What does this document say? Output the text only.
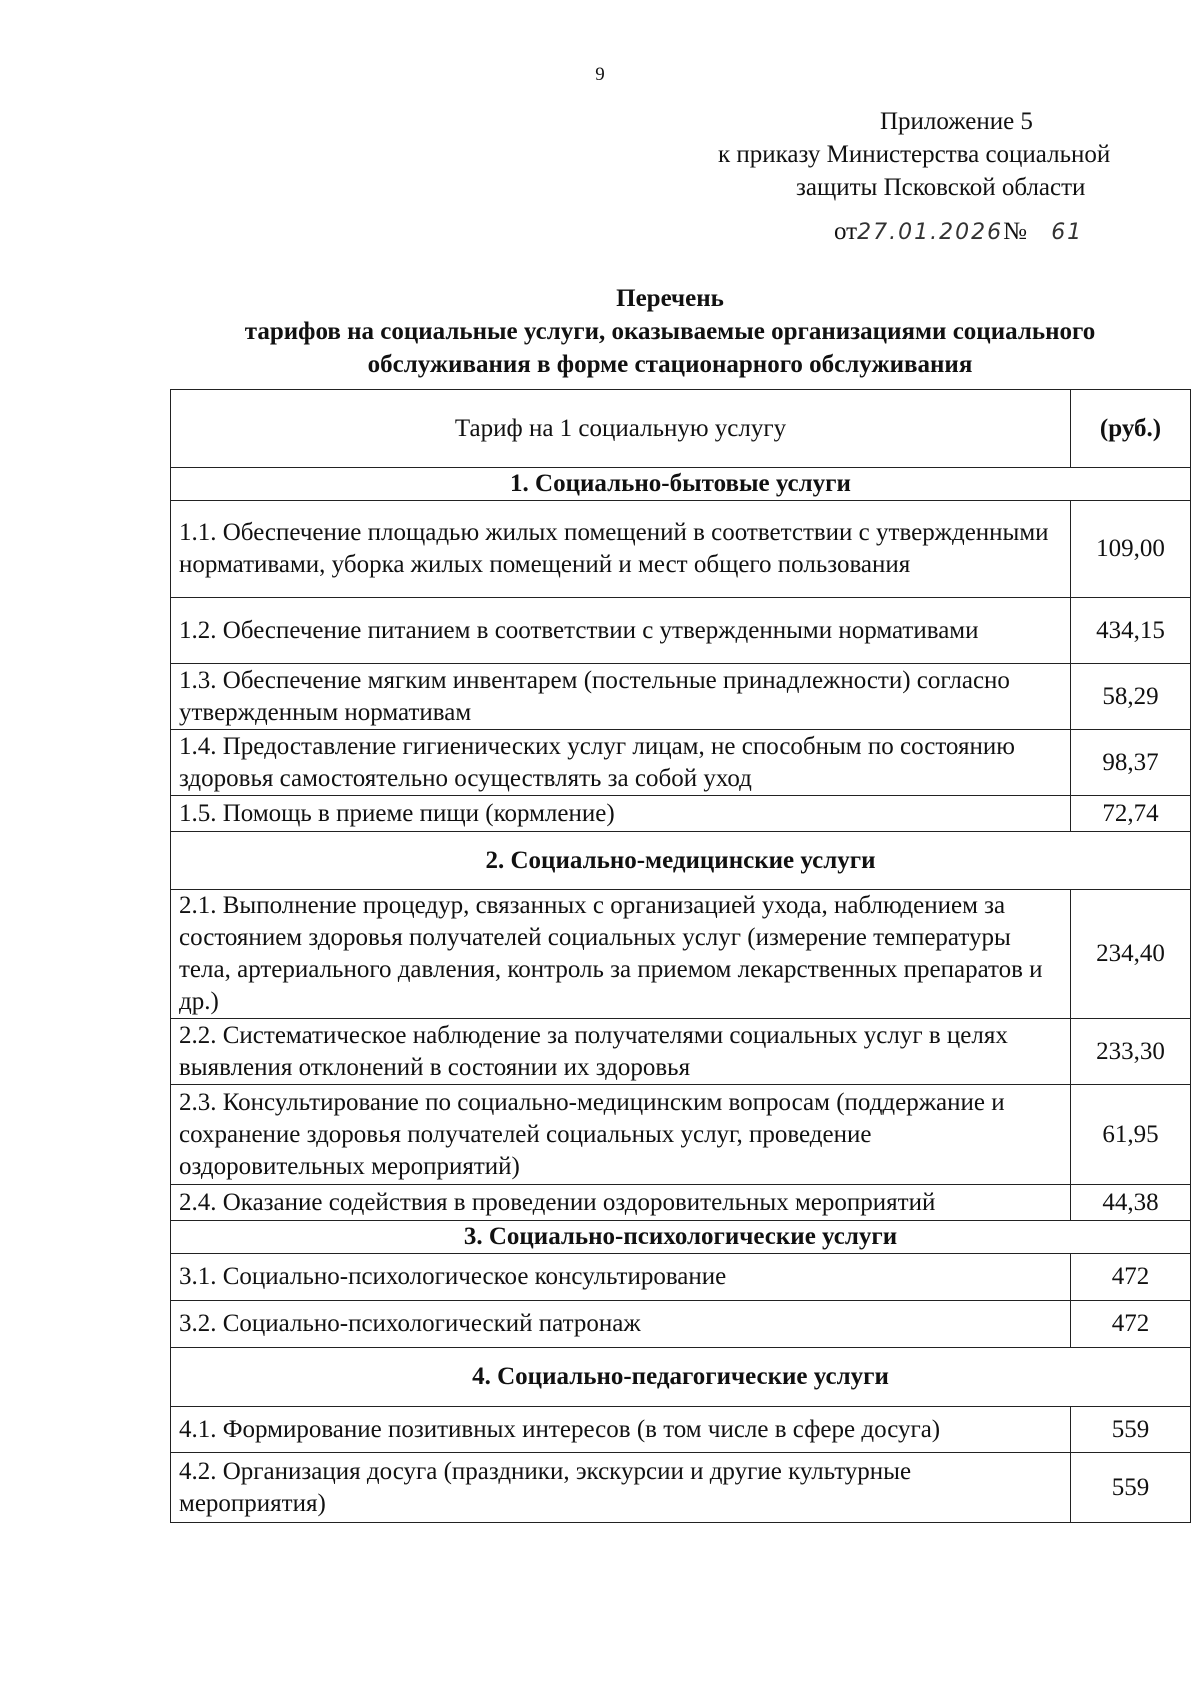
9
Приложение 5
к приказу Министерства социальной
защиты Псковской области
от27.01.2026№ 61
Перечень
тарифов на социальные услуги, оказываемые организациями социального
обслуживания в форме стационарного обслуживания
Тариф на 1 социальную услугу	(руб.)
1. Социально-бытовые услуги	
1.1. Обеспечение площадью жилых помещений в соответствии с утвержденными нормативами, уборка жилых помещений и мест общего пользования	109,00
1.2. Обеспечение питанием в соответствии с утвержденными нормативами	434,15
1.3. Обеспечение мягким инвентарем (постельные принадлежности) согласно утвержденным нормативам	58,29
1.4. Предоставление гигиенических услуг лицам, не способным по состоянию здоровья самостоятельно осуществлять за собой уход	98,37
1.5. Помощь в приеме пищи (кормление)	72,74
2. Социально-медицинские услуги	
2.1. Выполнение процедур, связанных с организацией ухода, наблюдением за состоянием здоровья получателей социальных услуг (измерение температуры тела, артериального давления, контроль за приемом лекарственных препаратов и др.)	234,40
2.2. Систематическое наблюдение за получателями социальных услуг в целях выявления отклонений в состоянии их здоровья	233,30
2.3. Консультирование по социально-медицинским вопросам (поддержание и сохранение здоровья получателей социальных услуг, проведение оздоровительных мероприятий)	61,95
2.4. Оказание содействия в проведении оздоровительных мероприятий	44,38
3. Социально-психологические услуги	
3.1. Социально-психологическое консультирование	472
3.2. Социально-психологический патронаж	472
4. Социально-педагогические услуги	
4.1. Формирование позитивных интересов (в том числе в сфере досуга)	559
4.2. Организация досуга (праздники, экскурсии и другие культурные мероприятия)	559
